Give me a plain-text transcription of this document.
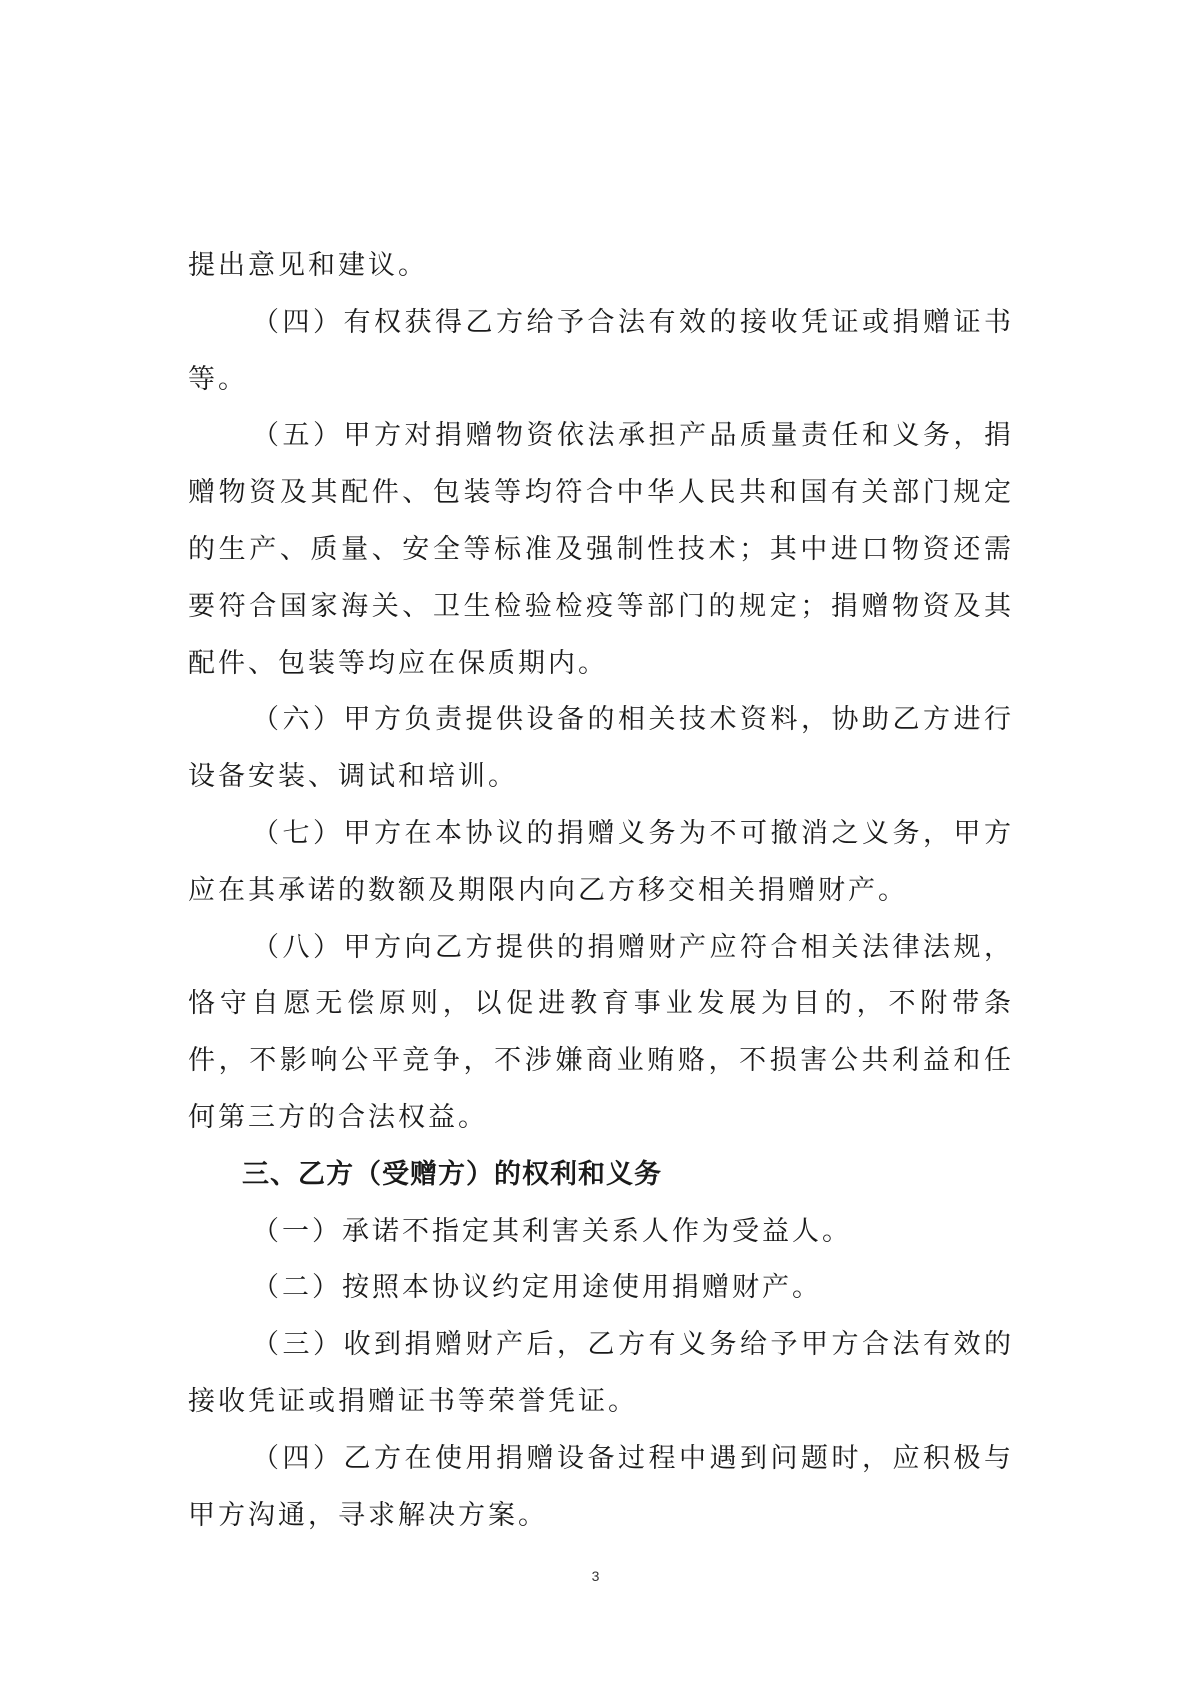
提出意见和建议。

（四）有权获得乙方给予合法有效的接收凭证或捐赠证书等。

（五）甲方对捐赠物资依法承担产品质量责任和义务，捐赠物资及其配件、包装等均符合中华人民共和国有关部门规定的生产、质量、安全等标准及强制性技术；其中进口物资还需要符合国家海关、卫生检验检疫等部门的规定；捐赠物资及其配件、包装等均应在保质期内。

（六）甲方负责提供设备的相关技术资料，协助乙方进行设备安装、调试和培训。

（七）甲方在本协议的捐赠义务为不可撤消之义务，甲方应在其承诺的数额及期限内向乙方移交相关捐赠财产。

（八）甲方向乙方提供的捐赠财产应符合相关法律法规，恪守自愿无偿原则，以促进教育事业发展为目的，不附带条件，不影响公平竞争，不涉嫌商业贿赂，不损害公共利益和任何第三方的合法权益。

三、乙方（受赠方）的权利和义务

（一）承诺不指定其利害关系人作为受益人。

（二）按照本协议约定用途使用捐赠财产。

（三）收到捐赠财产后，乙方有义务给予甲方合法有效的接收凭证或捐赠证书等荣誉凭证。

（四）乙方在使用捐赠设备过程中遇到问题时，应积极与甲方沟通，寻求解决方案。

3
